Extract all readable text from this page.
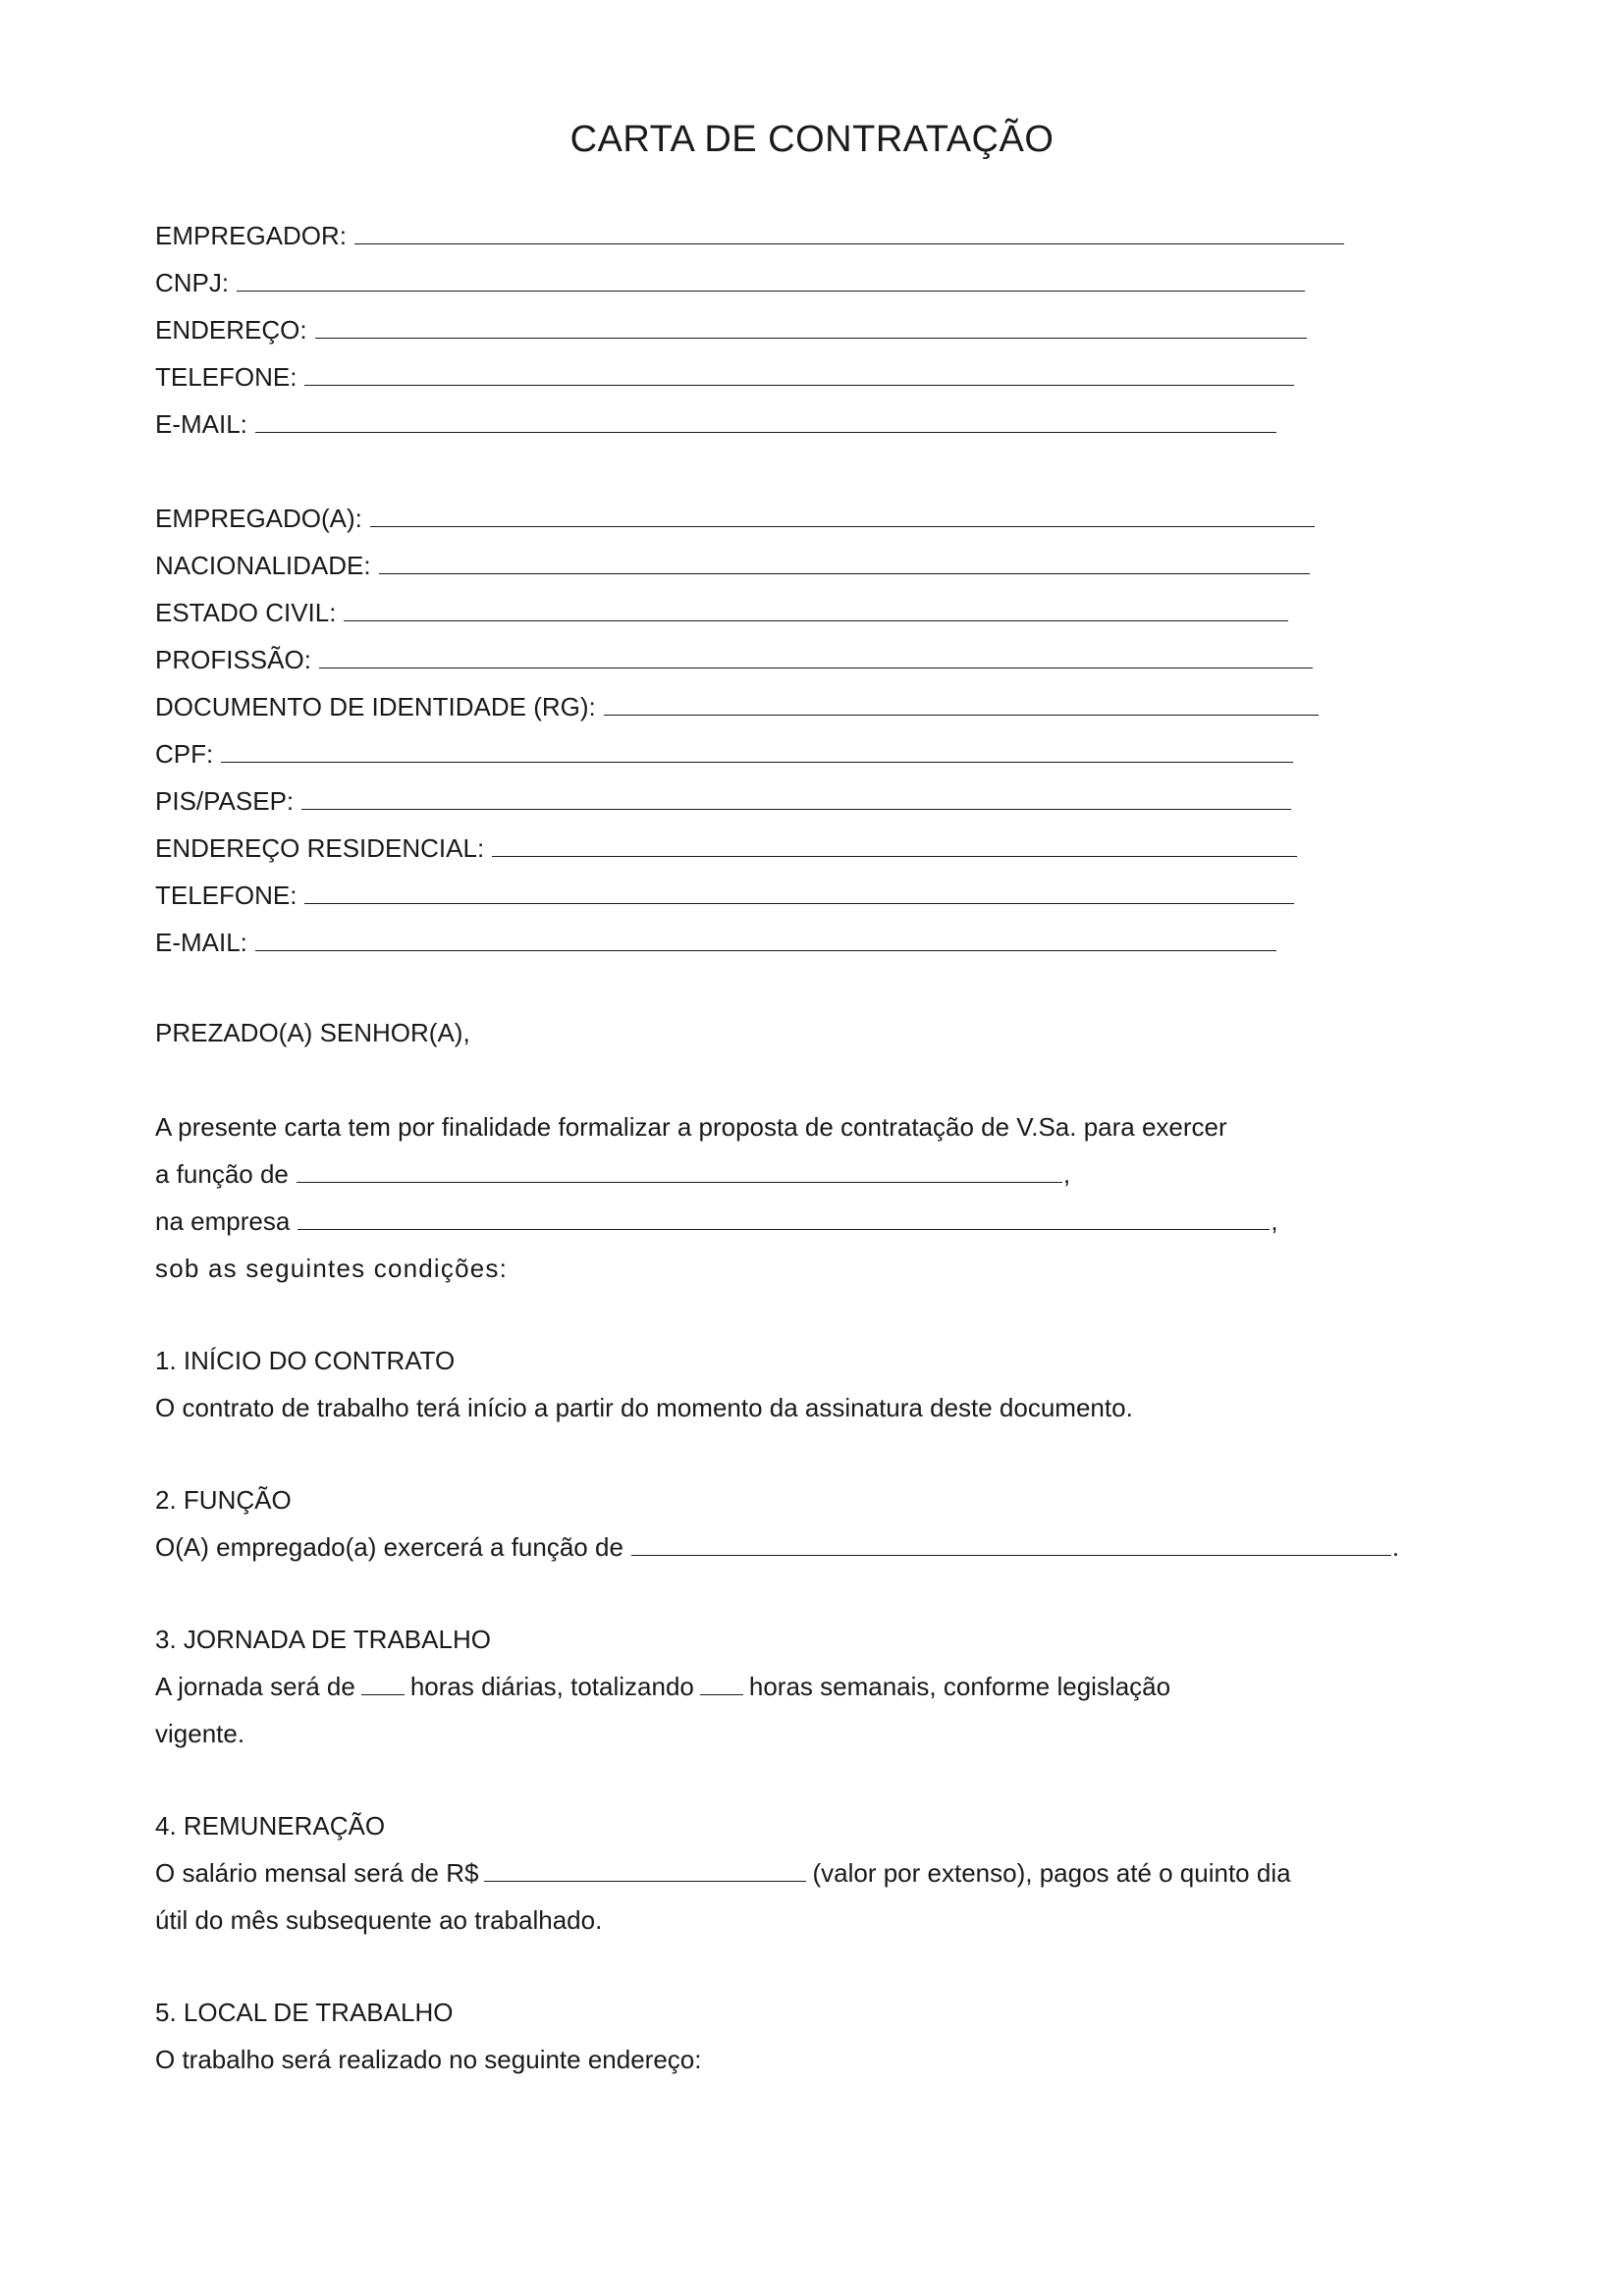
CARTA DE CONTRATAÇÃO
EMPREGADOR:
CNPJ:
ENDEREÇO:
TELEFONE:
E-MAIL:
EMPREGADO(A):
NACIONALIDADE:
ESTADO CIVIL:
PROFISSÃO:
DOCUMENTO DE IDENTIDADE (RG):
CPF:
PIS/PASEP:
ENDEREÇO RESIDENCIAL:
TELEFONE:
E-MAIL:
PREZADO(A) SENHOR(A),
A presente carta tem por finalidade formalizar a proposta de contratação de V.Sa. para exercer
a função de	,
na empresa	,
sob as seguintes condições:
1. INÍCIO DO CONTRATO
O contrato de trabalho terá início a partir do momento da assinatura deste documento.
2. FUNÇÃO
O(A) empregado(a) exercerá a função de	.
3. JORNADA DE TRABALHO
A jornada será de horas diárias, totalizando horas semanais, conforme legislação
vigente.
4. REMUNERAÇÃO
O salário mensal será de R$	(valor por extenso), pagos até o quinto dia
útil do mês subsequente ao trabalhado.
5. LOCAL DE TRABALHO
O trabalho será realizado no seguinte endereço:
